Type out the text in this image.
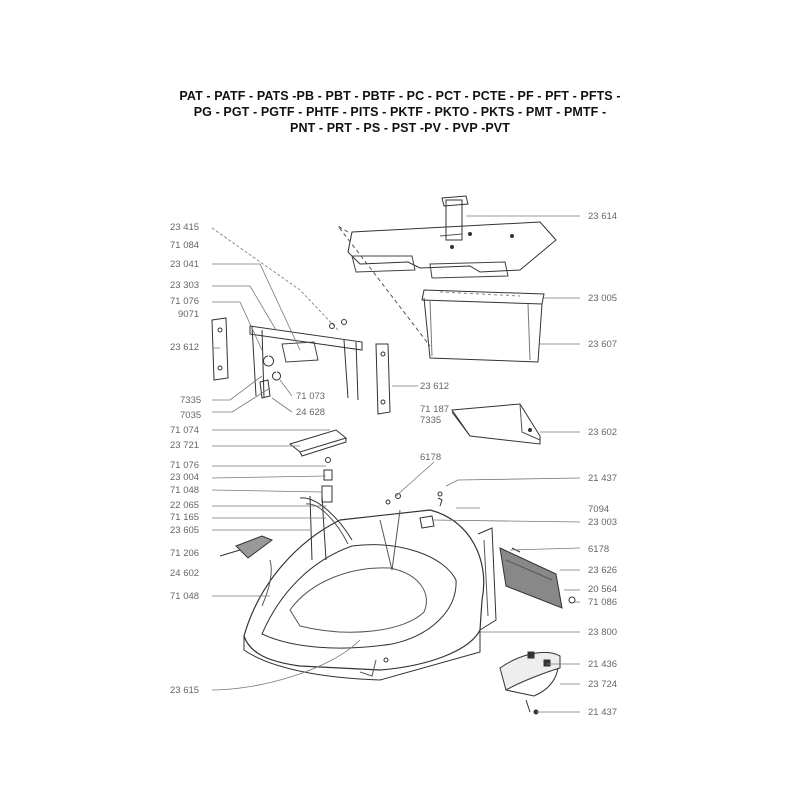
PAT - PATF - PATS -PB - PBT - PBTF - PC - PCT - PCTE - PF - PFT - PFTS -
PG - PGT - PGTF - PHTF - PITS - PKTF - PKTO - PKTS - PMT - PMTF -
PNT - PRT - PS - PST -PV - PVP -PVT
23 415
71 084
23 041
23 303
71 076
9071
23 612
7335
7035
71 074
23 721
71 076
23 004
71 048
22 065
71 165
23 605
71 206
24 602
71 048
23 615
71 073
24 628
23 612
71 187
7335
6178
7094
23 614
23 005
23 607
23 602
21 437
23 003
6178
23 626
20 564
71 086
23 800
21 436
23 724
21 437
